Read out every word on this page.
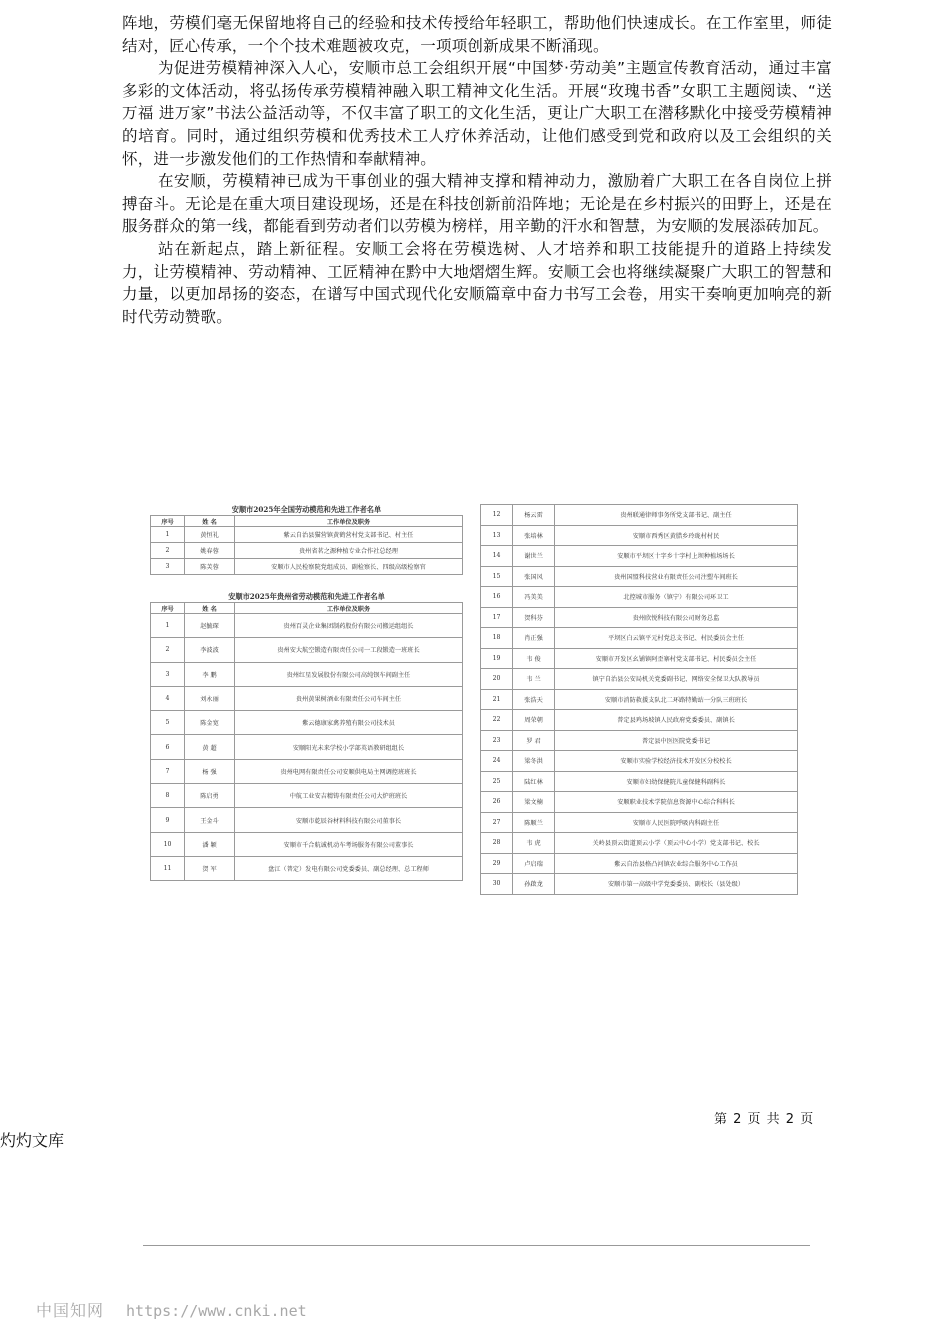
阵地，劳模们毫无保留地将自己的经验和技术传授给年轻职工，帮助他们快速成长。在工作室里，师徒结对，匠心传承，一个个技术难题被攻克，一项项创新成果不断涌现。

为促进劳模精神深入人心，安顺市总工会组织开展“中国梦·劳动美”主题宣传教育活动，通过丰富多彩的文体活动，将弘扬传承劳模精神融入职工精神文化生活。开展“玫瑰书香”女职工主题阅读、“送万福 进万家”书法公益活动等，不仅丰富了职工的文化生活，更让广大职工在潜移默化中接受劳模精神的培育。同时，通过组织劳模和优秀技术工人疗休养活动，让他们感受到党和政府以及工会组织的关怀，进一步激发他们的工作热情和奉献精神。

在安顺，劳模精神已成为干事创业的强大精神支撑和精神动力，激励着广大职工在各自岗位上拼搏奋斗。无论是在重大项目建设现场，还是在科技创新前沿阵地；无论是在乡村振兴的田野上，还是在服务群众的第一线，都能看到劳动者们以劳模为榜样，用辛勤的汗水和智慧，为安顺的发展添砖加瓦。

站在新起点，踏上新征程。安顺工会将在劳模选树、人才培养和职工技能提升的道路上持续发力，让劳模精神、劳动精神、工匠精神在黔中大地熠熠生辉。安顺工会也将继续凝聚广大职工的智慧和力量，以更加昂扬的姿态，在谱写中国式现代化安顺篇章中奋力书写工会卷，用实干奏响更加响亮的新时代劳动赞歌。

安顺市2025年全国劳动模范和先进工作者名单
序号	姓 名	工作单位及职务
1	黄恒礼	紫云自治县猫营镇黄鹤营村党支部书记、村主任
2	姚春蓉	贵州省茗之源种植专业合作社总经理
3	陈芙蓉	安顺市人民检察院党组成员、副检察长、四级高级检察官
安顺市2025年贵州省劳动模范和先进工作者名单
序号	姓 名	工作单位及职务
1	赵毓琛	贵州百灵企业集团制药股份有限公司搬运组组长
2	李波波	贵州安大航空锻造有限责任公司一工段锻造一班班长
3	李 鹏	贵州红星发展股份有限公司高纯钡车间副主任
4	刘永丽	贵州黄果树酒业有限责任公司车间主任
5	陈金宽	紫云德康家禽养殖有限公司技术员
6	黄 超	安顺阳光未来学校小学部英语教研组组长
7	杨 强	贵州电网有限责任公司安顺供电局主网调控班班长
8	陈启勇	中航工业安吉精铸有限责任公司大炉班班长
9	王金斗	安顺市乾辰谷材料科技有限公司董事长
10	潘 颖	安顺市千合航诚机动车考场服务有限公司董事长
11	贺 军	盘江（普定）发电有限公司党委委员、副总经理、总工程师
12	杨云雷	贵州联通律师事务所党支部书记、副主任
13	张培林	安顺市西秀区黄腊乡玲珑村村民
14	谢世兰	安顺市平坝区十字乡十字村上坝种植场场长
15	张国风	贵州国盟科技营业有限责任公司注塑车间班长
16	冯美美	北控城市服务（镇宁）有限公司环卫工
17	贺科芬	贵州欣悦科技有限公司财务总监
18	肖正强	平坝区白云镇平元村党总支书记、村民委员会主任
19	韦 俊	安顺市开发区幺铺镇阿歪寨村党支部书记、村民委员会主任
20	韦 兰	镇宁自治县公安局机关党委副书记、网络安全保卫大队教导员
21	张浩天	安顺市消防救援支队北二环路特勤站一分队三班班长
22	周荣朝	普定县鸡场坡镇人民政府党委委员、副镇长
23	罗 君	普定县中医医院党委书记
24	梁冬洪	安顺市实验学校经济技术开发区分校校长
25	陆红林	安顺市妇幼保健院儿童保健科副科长
26	梁文楠	安顺职业技术学院信息资源中心综合科科长
27	陈顺兰	安顺市人民医院呼吸内科副主任
28	韦 虎	关岭县顶云街道顶云小学（顶云中心小学）党支部书记、校长
29	卢启瑞	紫云自治县格凸河镇农业综合服务中心工作员
30	孙啟龙	安顺市第一高级中学党委委员、副校长（县处级）
第 2 页 共 2 页
灼灼文库
中国知网 https://www.cnki.net
